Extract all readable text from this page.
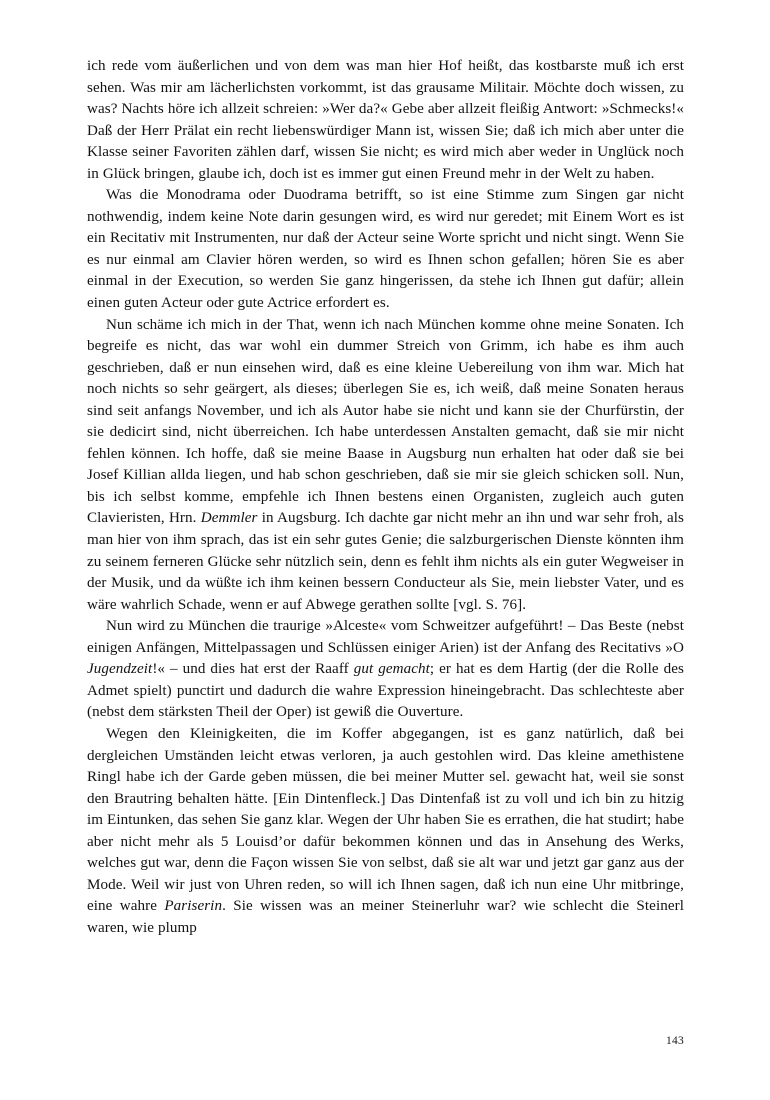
ich rede vom äußerlichen und von dem was man hier Hof heißt, das kostbarste muß ich erst sehen. Was mir am lächerlichsten vorkommt, ist das grausame Militair. Möchte doch wissen, zu was? Nachts höre ich allzeit schreien: »Wer da?« Gebe aber allzeit fleißig Antwort: »Schmecks!« Daß der Herr Prälat ein recht liebenswürdiger Mann ist, wissen Sie; daß ich mich aber unter die Klasse seiner Favoriten zählen darf, wissen Sie nicht; es wird mich aber weder in Unglück noch in Glück bringen, glaube ich, doch ist es immer gut einen Freund mehr in der Welt zu haben.

Was die Monodrama oder Duodrama betrifft, so ist eine Stimme zum Singen gar nicht nothwendig, indem keine Note darin gesungen wird, es wird nur geredet; mit Einem Wort es ist ein Recitativ mit Instrumenten, nur daß der Acteur seine Worte spricht und nicht singt. Wenn Sie es nur einmal am Clavier hören werden, so wird es Ihnen schon gefallen; hören Sie es aber einmal in der Execution, so werden Sie ganz hingerissen, da stehe ich Ihnen gut dafür; allein einen guten Acteur oder gute Actrice erfordert es.

Nun schäme ich mich in der That, wenn ich nach München komme ohne meine Sonaten. Ich begreife es nicht, das war wohl ein dummer Streich von Grimm, ich habe es ihm auch geschrieben, daß er nun einsehen wird, daß es eine kleine Uebereilung von ihm war. Mich hat noch nichts so sehr geärgert, als dieses; überlegen Sie es, ich weiß, daß meine Sonaten heraus sind seit anfangs November, und ich als Autor habe sie nicht und kann sie der Churfürstin, der sie dedicirt sind, nicht überreichen. Ich habe unterdessen Anstalten gemacht, daß sie mir nicht fehlen können. Ich hoffe, daß sie meine Baase in Augsburg nun erhalten hat oder daß sie bei Josef Killian allda liegen, und hab schon geschrieben, daß sie mir sie gleich schicken soll. Nun, bis ich selbst komme, empfehle ich Ihnen bestens einen Organisten, zugleich auch guten Clavieristen, Hrn. Demmler in Augsburg. Ich dachte gar nicht mehr an ihn und war sehr froh, als man hier von ihm sprach, das ist ein sehr gutes Genie; die salzburgerischen Dienste könnten ihm zu seinem ferneren Glücke sehr nützlich sein, denn es fehlt ihm nichts als ein guter Wegweiser in der Musik, und da wüßte ich ihm keinen bessern Conducteur als Sie, mein liebster Vater, und es wäre wahrlich Schade, wenn er auf Abwege gerathen sollte [vgl. S. 76].

Nun wird zu München die traurige »Alceste« vom Schweitzer aufgeführt! – Das Beste (nebst einigen Anfängen, Mittelpassagen und Schlüssen einiger Arien) ist der Anfang des Recitativs »O Jugendzeit!« – und dies hat erst der Raaff gut gemacht; er hat es dem Hartig (der die Rolle des Admet spielt) punctirt und dadurch die wahre Expression hineingebracht. Das schlechteste aber (nebst dem stärksten Theil der Oper) ist gewiß die Ouverture.

Wegen den Kleinigkeiten, die im Koffer abgegangen, ist es ganz natürlich, daß bei dergleichen Umständen leicht etwas verloren, ja auch gestohlen wird. Das kleine amethistene Ringl habe ich der Garde geben müssen, die bei meiner Mutter sel. gewacht hat, weil sie sonst den Brautring behalten hätte. [Ein Dintenfleck.] Das Dintenfaß ist zu voll und ich bin zu hitzig im Eintunken, das sehen Sie ganz klar. Wegen der Uhr haben Sie es errathen, die hat studirt; habe aber nicht mehr als 5 Louisd’or dafür bekommen können und das in Ansehung des Werks, welches gut war, denn die Façon wissen Sie von selbst, daß sie alt war und jetzt gar ganz aus der Mode. Weil wir just von Uhren reden, so will ich Ihnen sagen, daß ich nun eine Uhr mitbringe, eine wahre Pariserin. Sie wissen was an meiner Steinerluhr war? wie schlecht die Steinerl waren, wie plump

143
